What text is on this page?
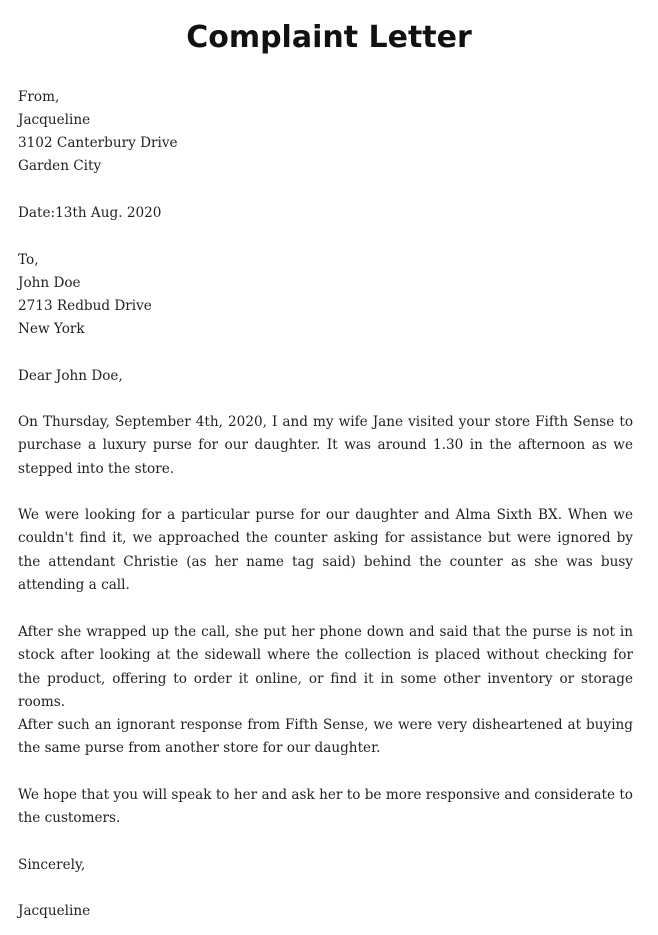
Complaint Letter
From,
Jacqueline
3102 Canterbury Drive
Garden City
Date:13th Aug. 2020
To,
John Doe
2713 Redbud Drive
New York
Dear John Doe,

On Thursday, September 4th, 2020, I and my wife Jane visited your store Fifth Sense to purchase a luxury purse for our daughter. It was around 1.30 in the afternoon as we stepped into the store.

We were looking for a particular purse for our daughter and Alma Sixth BX. When we couldn't find it, we approached the counter asking for assistance but were ignored by the attendant Christie (as her name tag said) behind the counter as she was busy attending a call.

After she wrapped up the call, she put her phone down and said that the purse is not in stock after looking at the sidewall where the collection is placed without checking for the product, offering to order it online, or find it in some other inventory or storage rooms.

After such an ignorant response from Fifth Sense, we were very disheartened at buying the same purse from another store for our daughter.

We hope that you will speak to her and ask her to be more responsive and considerate to the customers.

Sincerely,
Jacqueline
